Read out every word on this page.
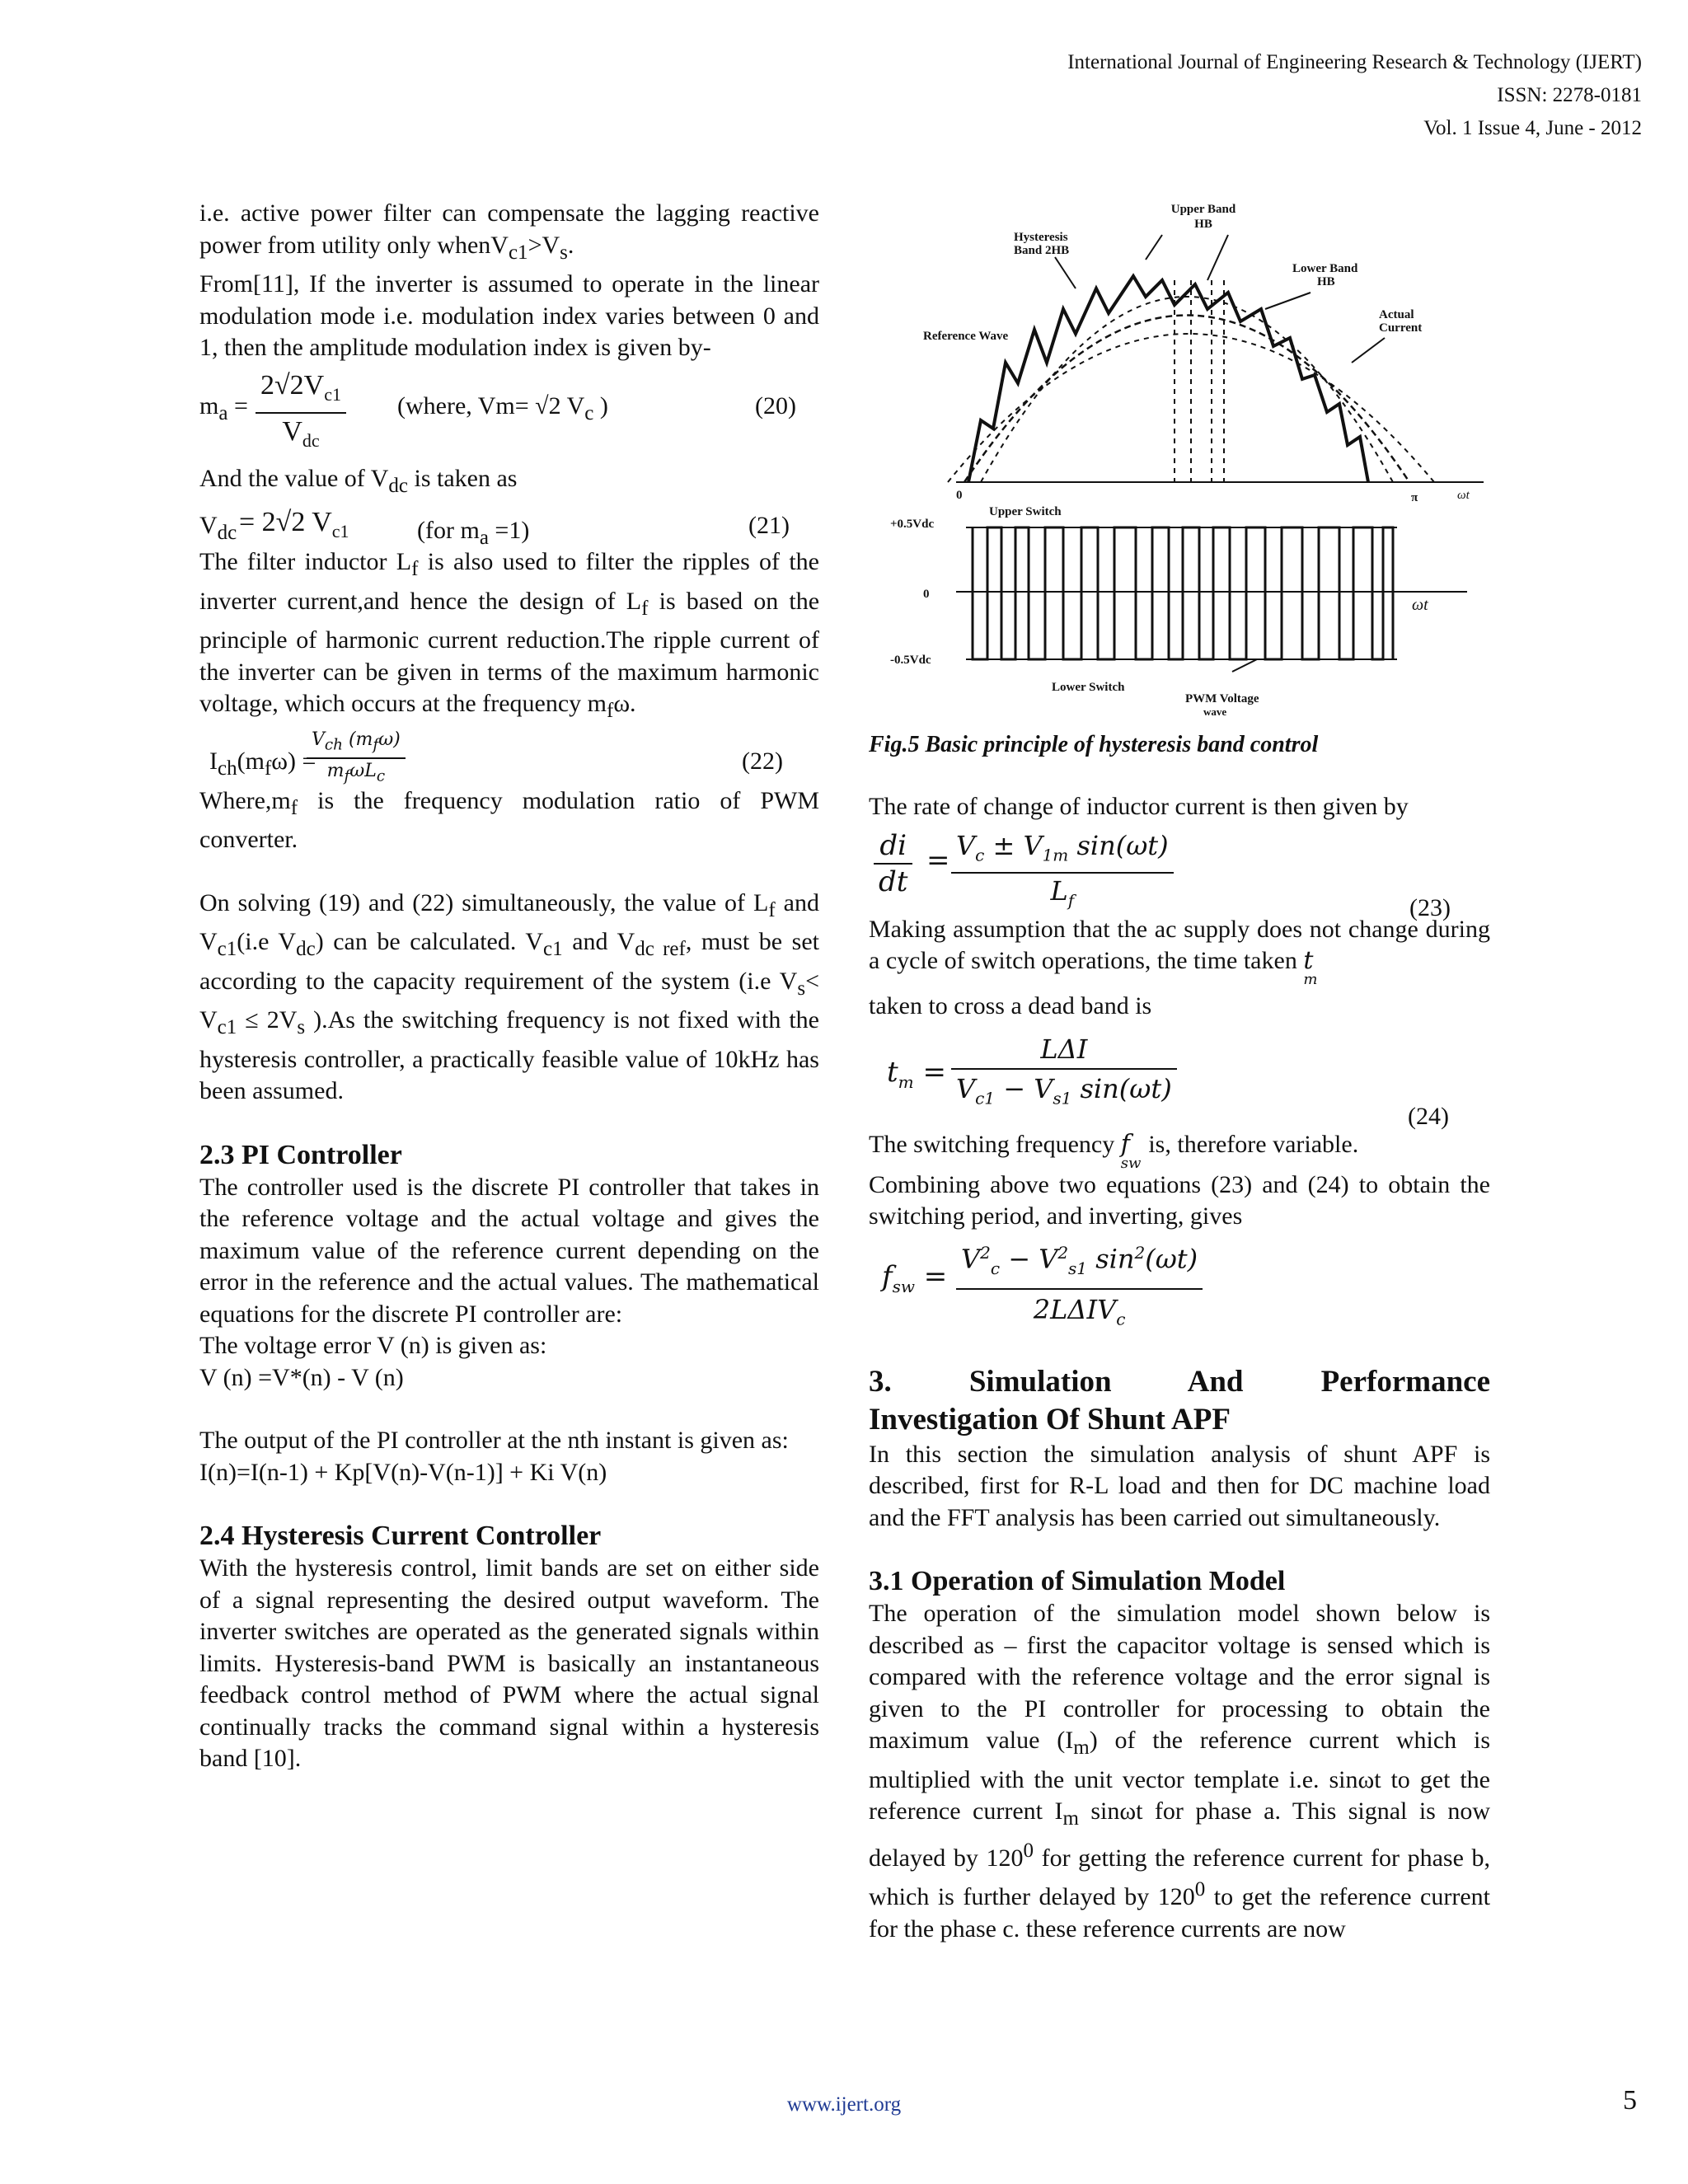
International Journal of Engineering Research & Technology (IJERT)
ISSN: 2278-0181
Vol. 1 Issue 4, June - 2012

i.e. active power filter can compensate the lagging reactive power from utility only $whenV_{c1}>V_s$.

From[11], If the inverter is assumed to operate in the linear modulation mode i.e. modulation index varies between 0 and 1, then the amplitude modulation index is given by-

$m_a$ =
$2√2V_{c1}$
$V_{dc}$
(where, Vm= √2 $V_c$ )	(20)

And the value of $V_{dc}$ is taken as

$V_{dc} = 2√2$ $V_{c1}$	(for $m_a =1$)	(21)

The filter inductor $L_f$ is also used to filter the ripples of the inverter current,and hence the design of $L_f$ is based on the principle of harmonic current reduction.The ripple current of the inverter can be given in terms of the maximum harmonic voltage, which occurs at the frequency $m_f\omega$.

$I_{ch}(m_f\omega)$ =
$V_{ch}$ $(m_f\omega)$
$m_f\omega L_c$
(22)

$Where,m_f$ is the frequency modulation ratio of PWM converter.

On solving (19) and (22) simultaneously, the value of $L_f$ and $V_{c1}(i.e$ $V_{dc}$) can be calculated. $V_{c1}$ and $V_{dc ref}$, must be set according to the capacity requirement of the system (i.e $V_s< V_{c1} \le 2V_s$ ).As the switching frequency is not fixed with the hysteresis controller, a practically feasible value of 10kHz has been assumed.

2.3 PI Controller

The controller used is the discrete PI controller that takes in the reference voltage and the actual voltage and gives the maximum value of the reference current depending on the error in the reference and the actual values. The mathematical equations for the discrete PI controller are:

The voltage error V (n) is given as:

V (n) =V*(n) - V (n)

The output of the PI controller at the nth instant is given as:

I(n)=I(n-1) + Kp[V(n)-V(n-1)] + Ki V(n)

2.4 Hysteresis Current Controller

With the hysteresis control, limit bands are set on either side of a signal representing the desired output waveform. The inverter switches are operated as the generated signals within limits. Hysteresis-band PWM is basically an instantaneous feedback control method of PWM where the actual signal continually tracks the command signal within a hysteresis band [10].

Upper Band
HB
Hysteresis
Band 2HB
Lower Band
HB
Actual
Current
Reference Wave
0	π	ωt
Upper Switch
+0.5Vdc
0
-0.5Vdc
ωt
Lower Switch
PWM Voltage
wave
Fig.5 Basic principle of hysteresis band control

The rate of change of inductor current is then given by

$\frac{di}{dt} = \frac{V_c \pm V_{1m} \sin(\omega t)}{L_f}$	(23)

Making assumption that the ac supply does not change during a cycle of switch operations, the time taken t
m

taken to cross a dead band is

$t_m$ =
LΔI
$V_{c1} - V_{s1}$ sin(ωt)
(24)

The switching frequency f
sw
is, therefore variable.

Combining above two equations (23) and (24) to obtain the switching period, and inverting, gives

$f_{sw}$ =
$V^2_c - V^2_{s1}$ $\sin^2(\omega t)$
$2L\Delta IV_c$
3.    Simulation    And    Performance Investigation Of Shunt APF

In this section the simulation analysis of shunt APF is described, first for R-L load and then for DC machine load and the FFT analysis has been carried out simultaneously.

3.1 Operation of Simulation Model

The operation of the simulation model shown below is described as – first the capacitor voltage is sensed which is compared with the reference voltage and the error signal is given to the PI controller for processing to obtain the maximum value $(I_m)$ of the reference current which is multiplied with the unit vector template i.e. sinωt to get the reference current $I_m$ sinωt for phase a. This signal is now delayed by $120^0$ for getting the reference current for phase b, which is further delayed by $120^0$ to get the reference current for the phase c. these reference currents are now

www.ijert.org	5
